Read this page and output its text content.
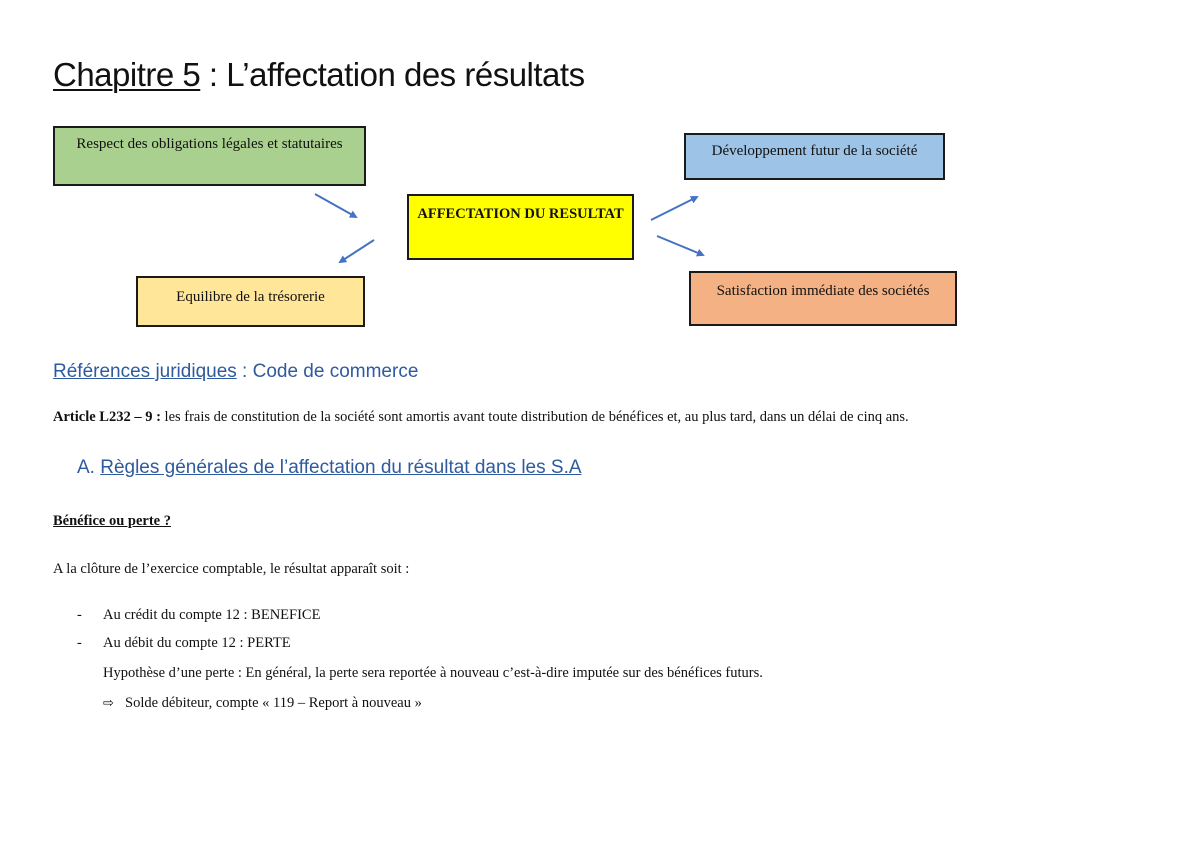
Chapitre 5 : L’affectation des résultats
Respect des obligations légales et statutaires	Développement futur de la société
AFFECTATION DU RESULTAT
Equilibre de la trésorerie	Satisfaction immédiate des sociétés
Références juridiques : Code de commerce
Article L232 – 9 : les frais de constitution de la société sont amortis avant toute distribution de bénéfices et, au plus tard, dans un délai de cinq ans.
A. Règles générales de l’affectation du résultat dans les S.A
Bénéfice ou perte ?
A la clôture de l’exercice comptable, le résultat apparaît soit :
- Au crédit du compte 12 : BENEFICE
- Au débit du compte 12 : PERTE
Hypothèse d’une perte : En général, la perte sera reportée à nouveau c’est-à-dire imputée sur des bénéfices futurs.
⇨ Solde débiteur, compte « 119 – Report à nouveau »
